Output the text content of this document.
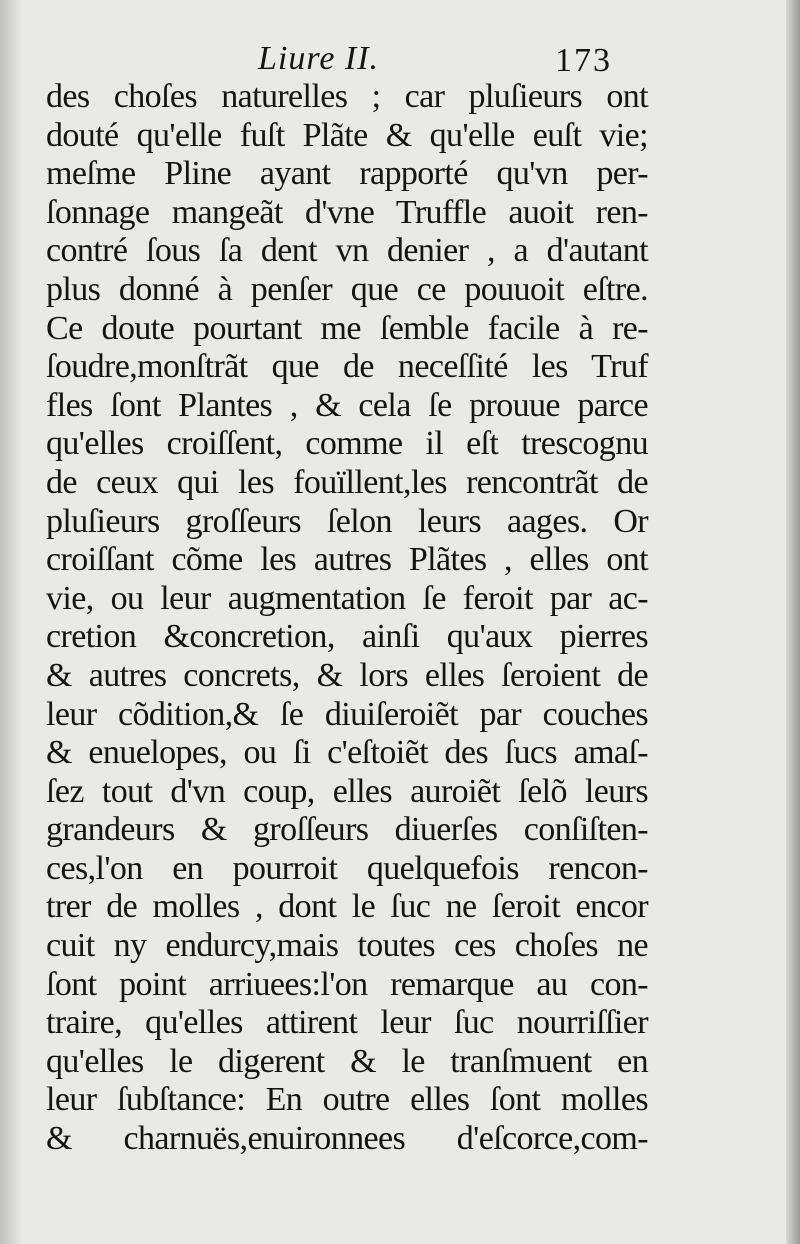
Liure II.	173
des choſes naturelles ; car pluſieurs ont
douté qu'elle fuſt Plãte & qu'elle euſt vie;
meſme Pline ayant rapporté qu'vn per-
ſonnage mangeãt d'vne Truffle auoit ren-
contré ſous ſa dent vn denier , a d'autant
plus donné à penſer que ce pouuoit eſtre.
Ce doute pourtant me ſemble facile à re-
ſoudre,monſtrãt que de neceſſité les Truf
fles ſont Plantes , & cela ſe prouue parce
qu'elles croiſſent, comme il eſt trescognu
de ceux qui les fouïllent,les rencontrãt de
pluſieurs groſſeurs ſelon leurs aages. Or
croiſſant cõme les autres Plãtes , elles ont
vie, ou leur augmentation ſe feroit par ac-
cretion &concretion, ainſi qu'aux pierres
& autres concrets, & lors elles ſeroient de
leur cõdition,& ſe diuiſeroiẽt par couches
& enuelopes, ou ſi c'eſtoiẽt des ſucs amaſ-
ſez tout d'vn coup, elles auroiẽt ſelõ leurs
grandeurs & groſſeurs diuerſes conſiſten-
ces,l'on en pourroit quelquefois rencon-
trer de molles , dont le ſuc ne ſeroit encor
cuit ny endurcy,mais toutes ces choſes ne
ſont point arriuees:l'on remarque au con-
traire, qu'elles attirent leur ſuc nourriſſier
qu'elles le digerent & le tranſmuent en
leur ſubſtance: En outre elles ſont molles
& charnuës,enuironnees d'eſcorce,com-
